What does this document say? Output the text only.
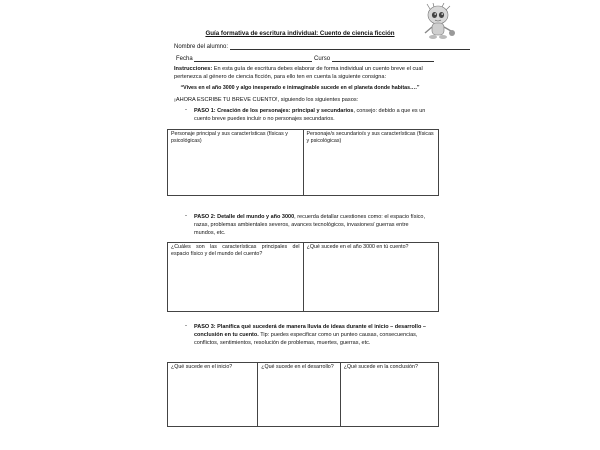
Guía formativa de escritura individual: Cuento de ciencia ficción
Nombre del alumno:
Fecha	Curso
Instrucciones: En esta guía de escritura debes elaborar de forma individual un cuento breve el cual pertenezca al género de ciencia ficción, para ello ten en cuenta la siguiente consigna:
“Vives en el año 3000 y algo inesperado e inimaginable sucede en el planeta donde habitas….”
¡AHORA ESCRIBE TU BREVE CUENTO!, siguiendo los siguientes pasos:
- PASO 1: Creación de los personajes: principal y secundarios, consejo: debido a que es un cuento breve puedes incluir o no personajes secundarios.
Personaje principal y sus características (físicas y psicológicas)	Personaje/s secundario/s y sus características (físicas y psicológicas)
- PASO 2: Detalle del mundo y año 3000, recuerda detallar cuestiones como: el espacio físico, razas, problemas ambientales severos, avances tecnológicos, invasiones/ guerras entre mundos, etc.
¿Cuáles son las características principales del espacio físico y del mundo del cuento?	¿Qué sucede en el año 3000 en tú cuento?
- PASO 3: Planifica qué sucederá de manera lluvia de ideas durante el inicio – desarrollo – conclusión en tu cuento. Tip: puedes especificar como un punteo causas, consecuencias, conflictos, sentimientos, resolución de problemas, muertes, guerras, etc.
¿Qué sucede en el inicio?	¿Qué sucede en el desarrollo?	¿Qué sucede en la conclusión?
